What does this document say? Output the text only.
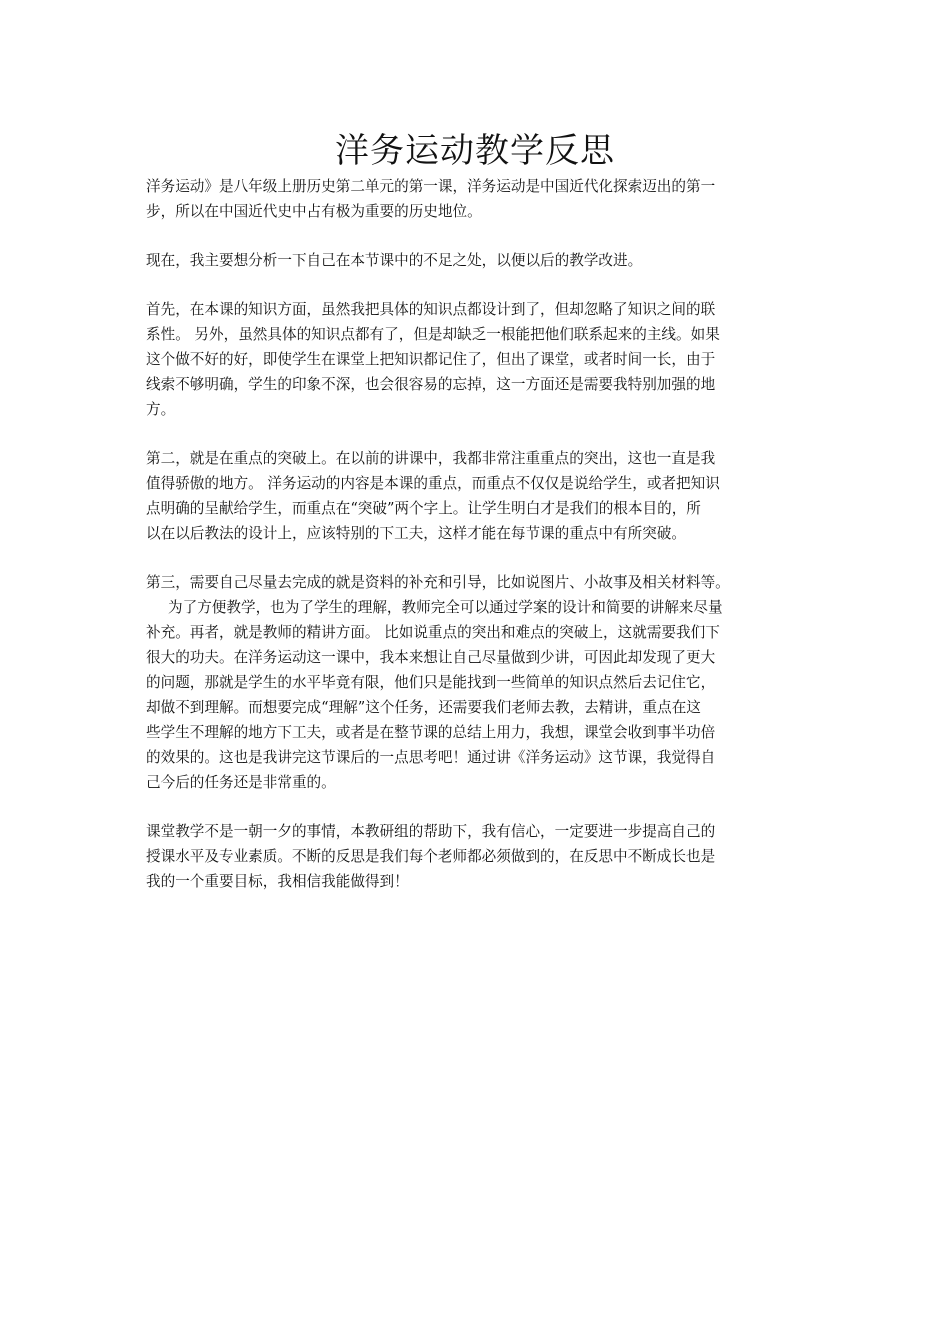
洋务运动教学反思

洋务运动》是八年级上册历史第二单元的第一课，洋务运动是中国近代化探索迈出的第一
步，所以在中国近代史中占有极为重要的历史地位。

现在，我主要想分析一下自己在本节课中的不足之处，以便以后的教学改进。

首先，在本课的知识方面，虽然我把具体的知识点都设计到了，但却忽略了知识之间的联
系性。 另外，虽然具体的知识点都有了，但是却缺乏一根能把他们联系起来的主线。如果
这个做不好的好，即使学生在课堂上把知识都记住了，但出了课堂，或者时间一长，由于
线索不够明确，学生的印象不深，也会很容易的忘掉，这一方面还是需要我特别加强的地
方。

第二，就是在重点的突破上。在以前的讲课中，我都非常注重重点的突出，这也一直是我
值得骄傲的地方。 洋务运动的内容是本课的重点，而重点不仅仅是说给学生，或者把知识
点明确的呈献给学生，而重点在“突破”两个字上。让学生明白才是我们的根本目的，所
以在以后教法的设计上，应该特别的下工夫，这样才能在每节课的重点中有所突破。

第三，需要自己尽量去完成的就是资料的补充和引导，比如说图片、小故事及相关材料等。
为了方便教学，也为了学生的理解，教师完全可以通过学案的设计和简要的讲解来尽量
补充。再者，就是教师的精讲方面。 比如说重点的突出和难点的突破上，这就需要我们下
很大的功夫。在洋务运动这一课中，我本来想让自己尽量做到少讲，可因此却发现了更大
的问题，那就是学生的水平毕竟有限，他们只是能找到一些简单的知识点然后去记住它，
却做不到理解。而想要完成“理解”这个任务，还需要我们老师去教，去精讲，重点在这
些学生不理解的地方下工夫，或者是在整节课的总结上用力，我想，课堂会收到事半功倍
的效果的。这也是我讲完这节课后的一点思考吧！通过讲《洋务运动》这节课，我觉得自
己今后的任务还是非常重的。

课堂教学不是一朝一夕的事情，本教研组的帮助下，我有信心，一定要进一步提高自己的
授课水平及专业素质。不断的反思是我们每个老师都必须做到的，在反思中不断成长也是
我的一个重要目标，我相信我能做得到！
